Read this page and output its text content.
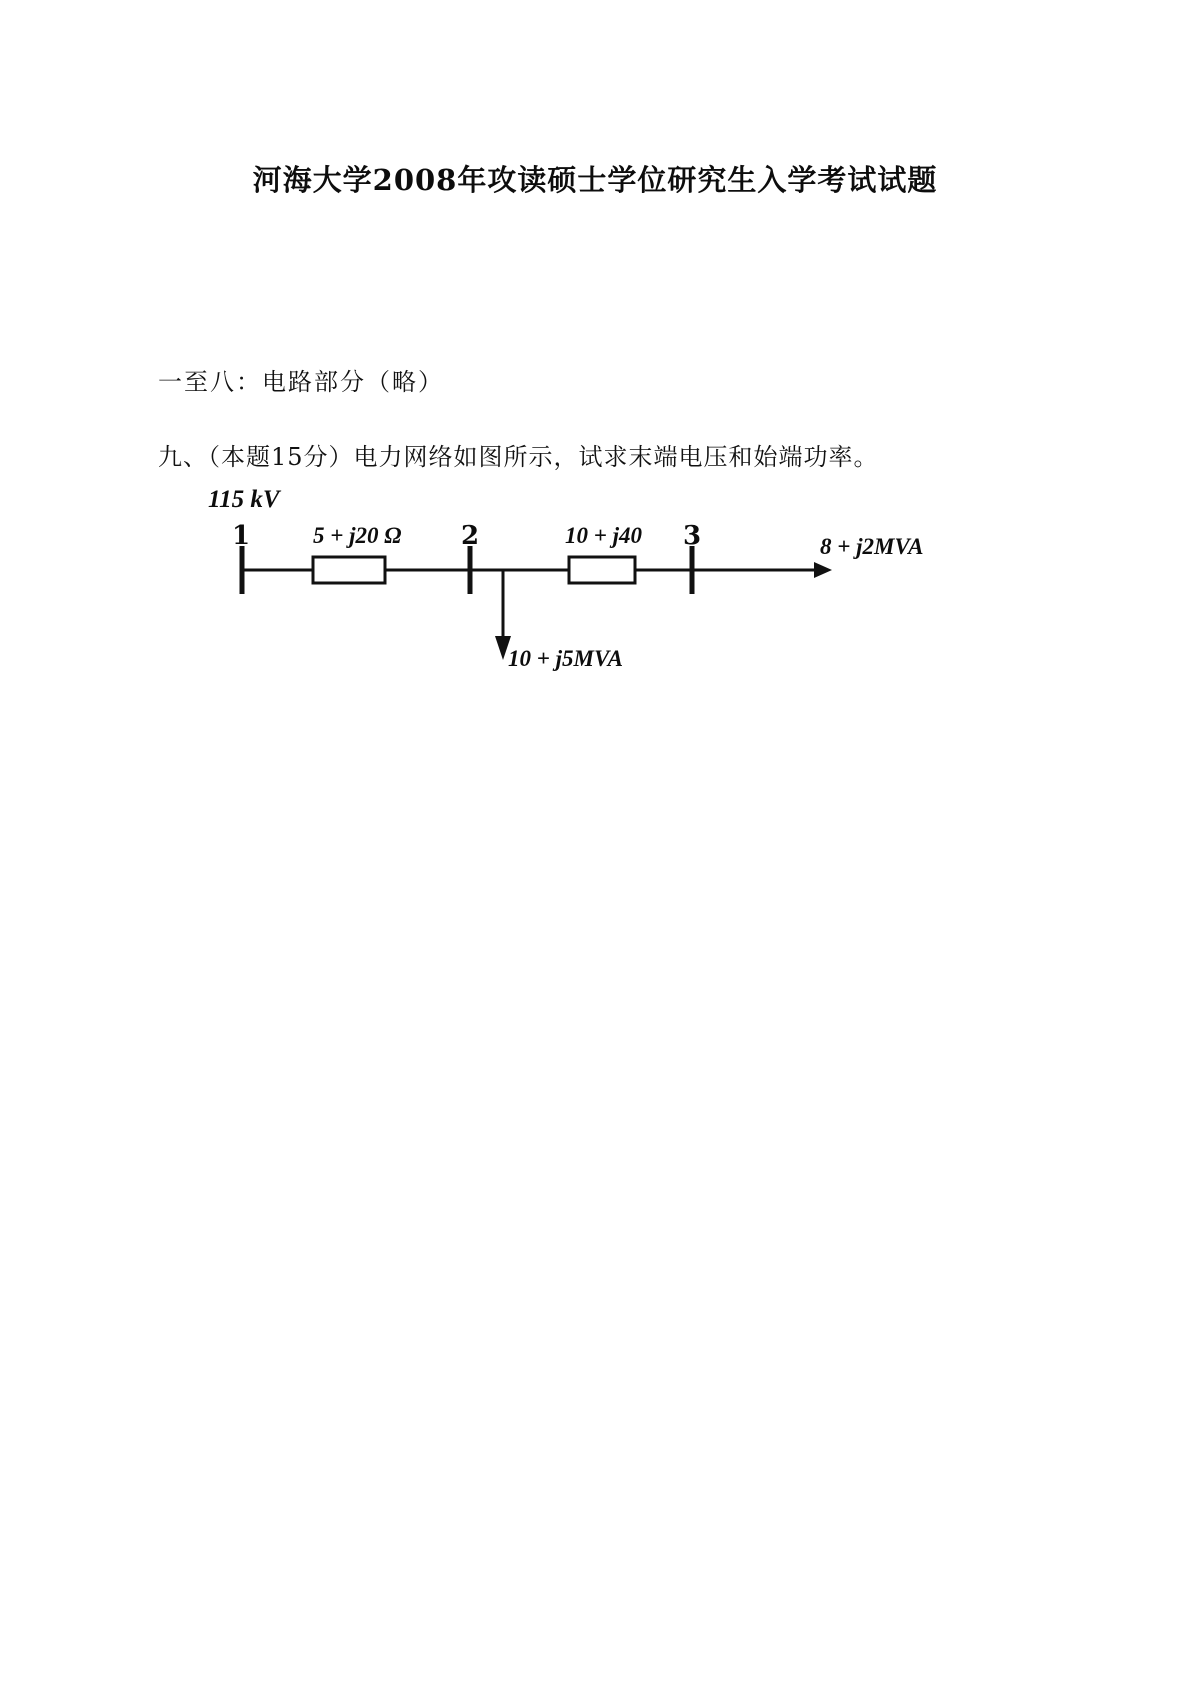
河海大学2008年攻读硕士学位研究生入学考试试题
一至八：电路部分（略）
九、（本题15分）电力网络如图所示，试求末端电压和始端功率。
115 kV
1	2	3
5 + j20 Ω	10 + j40	8 + j2MVA
10 + j5MVA
